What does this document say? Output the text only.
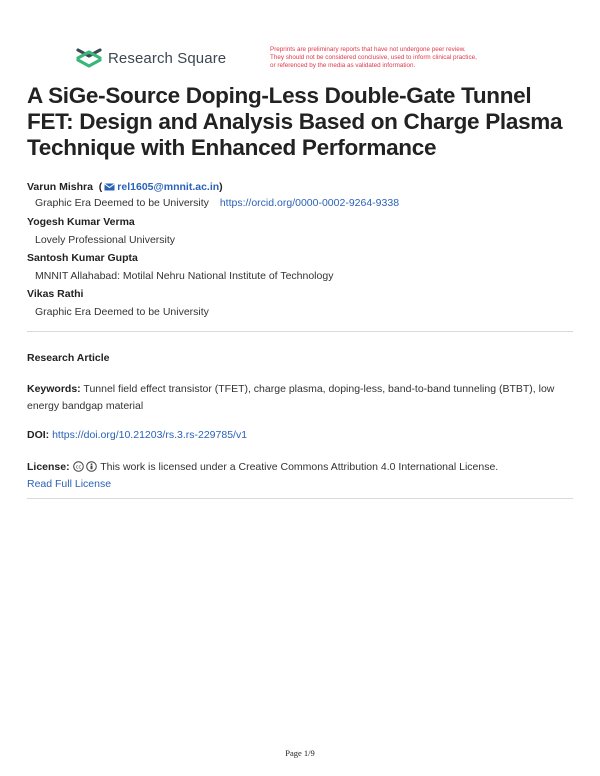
Research Square	Preprints are preliminary reports that have not undergone peer review.
They should not be considered conclusive, used to inform clinical practice,
or referenced by the media as validated information.
A SiGe-Source Doping-Less Double-Gate Tunnel FET: Design and Analysis Based on Charge Plasma Technique with Enhanced Performance
Varun Mishra  ( rel1605@mnnit.ac.in)
Graphic Era Deemed to be University https://orcid.org/0000-0002-9264-9338
Yogesh Kumar Verma
Lovely Professional University
Santosh Kumar Gupta
MNNIT Allahabad: Motilal Nehru National Institute of Technology
Vikas Rathi
Graphic Era Deemed to be University
Research Article
Keywords: Tunnel field effect transistor (TFET), charge plasma, doping-less, band-to-band tunneling (BTBT), low energy bandgap material
DOI: https://doi.org/10.21203/rs.3.rs-229785/v1
License: cc This work is licensed under a Creative Commons Attribution 4.0 International License.
Read Full License
Page 1/9
